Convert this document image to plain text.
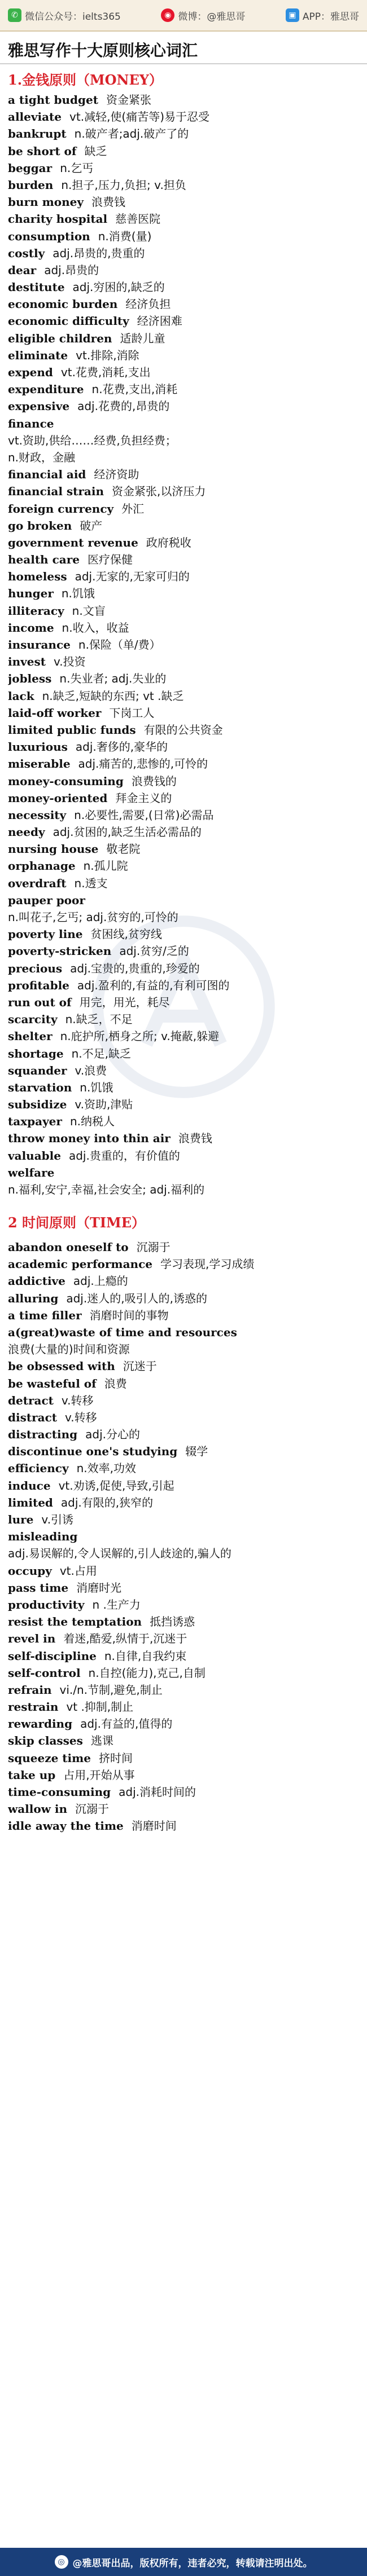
✆ 微信公众号：ielts365	◉ 微博：@雅思哥	▣ APP：雅思哥
雅思写作十大原则核心词汇
1.金钱原则（MONEY）
a tight budget 资金紧张
alleviate vt.减轻,使(痛苦等)易于忍受
bankrupt n.破产者;adj.破产了的
be short of 缺乏
beggar n.乞丐
burden n.担子,压力,负担; v.担负
burn money 浪费钱
charity hospital 慈善医院
consumption n.消费(量)
costly adj.昂贵的,贵重的
dear adj.昂贵的
destitute adj.穷困的,缺乏的
economic burden 经济负担
economic difficulty 经济困难
eligible children 适龄儿童
eliminate vt.排除,消除
expend vt.花费,消耗,支出
expenditure n.花费,支出,消耗
expensive adj.花费的,昂贵的
finance
vt.资助,供给……经费,负担经费；
n.财政，金融
financial aid 经济资助
financial strain 资金紧张,以济压力
foreign currency 外汇
go broken 破产
government revenue 政府税收
health care 医疗保健
homeless adj.无家的,无家可归的
hunger n.饥饿
illiteracy n.文盲
income n.收入，收益
insurance n.保险（单/费）
invest v.投资
jobless n.失业者; adj.失业的
lack n.缺乏,短缺的东西; vt .缺乏
laid-off worker 下岗工人
limited public funds 有限的公共资金
luxurious adj.奢侈的,豪华的
miserable adj.痛苦的,悲惨的,可怜的
money-consuming 浪费钱的
money-oriented 拜金主义的
necessity n.必要性,需要,(日常)必需品
needy adj.贫困的,缺乏生活必需品的
nursing house 敬老院
orphanage n.孤儿院
overdraft n.透支
pauper poor
n.叫花子,乞丐; adj.贫穷的,可怜的
poverty line 贫困线,贫穷线
poverty-stricken adj.贫穷/乏的
precious adj.宝贵的,贵重的,珍爱的
profitable adj.盈利的,有益的,有利可图的
run out of 用完，用光，耗尽
scarcity n.缺乏，不足
shelter n.庇护所,栖身之所; v.掩蔽,躲避
shortage n.不足,缺乏
squander v.浪费
starvation n.饥饿
subsidize v.资助,津贴
taxpayer n.纳税人
throw money into thin air 浪费钱
valuable adj.贵重的，有价值的
welfare
n.福利,安宁,幸福,社会安全; adj.福利的
2 时间原则（TIME）
abandon oneself to 沉溺于
academic performance 学习表现,学习成绩
addictive adj.上瘾的
alluring adj.迷人的,吸引人的,诱惑的
a time filler 消磨时间的事物
a(great)waste of time and resources
浪费(大量的)时间和资源
be obsessed with 沉迷于
be wasteful of 浪费
detract v.转移
distract v.转移
distracting adj.分心的
discontinue one's studying 辍学
efficiency n.效率,功效
induce vt.劝诱,促使,导致,引起
limited adj.有限的,狭窄的
lure v.引诱
misleading
adj.易误解的,令人误解的,引人歧途的,骗人的
occupy vt.占用
pass time 消磨时光
productivity n .生产力
resist the temptation 抵挡诱惑
revel in 着迷,酷爱,纵情于,沉迷于
self-discipline n.自律,自我约束
self-control n.自控(能力),克己,自制
refrain vi./n.节制,避免,制止
restrain vt .抑制,制止
rewarding adj.有益的,值得的
skip classes 逃课
squeeze time 挤时间
take up 占用,开始从事
time-consuming adj.消耗时间的
wallow in 沉溺于
idle away the time 消磨时间
◎ @雅思哥出品，版权所有，违者必究，转载请注明出处。
